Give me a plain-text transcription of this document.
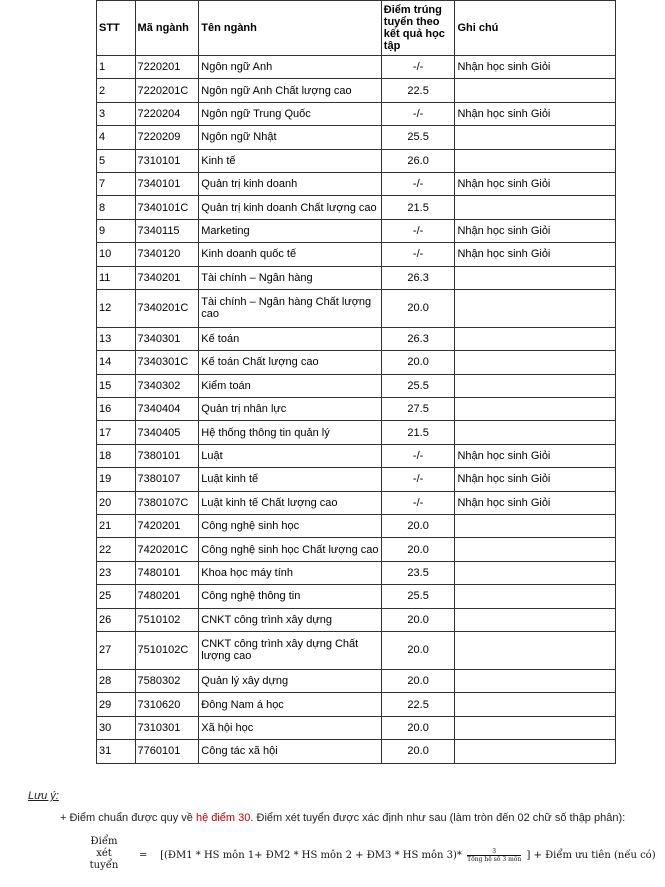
STT	Mã ngành	Tên ngành	Điểm trúng tuyển theo kết quả học tập	Ghi chú
1	7220201	Ngôn ngữ Anh	-/-	Nhận học sinh Giỏi
2	7220201C	Ngôn ngữ Anh Chất lượng cao	22.5	
3	7220204	Ngôn ngữ Trung Quốc	-/-	Nhận học sinh Giỏi
4	7220209	Ngôn ngữ Nhật	25.5	
5	7310101	Kinh tế	26.0	
7	7340101	Quản trị kinh doanh	-/-	Nhận học sinh Giỏi
8	7340101C	Quản trị kinh doanh Chất lượng cao	21.5	
9	7340115	Marketing	-/-	Nhận học sinh Giỏi
10	7340120	Kinh doanh quốc tế	-/-	Nhận học sinh Giỏi
11	7340201	Tài chính – Ngân hàng	26.3	
12	7340201C	Tài chính – Ngân hàng Chất lượng cao	20.0	
13	7340301	Kế toán	26.3	
14	7340301C	Kế toán Chất lượng cao	20.0	
15	7340302	Kiểm toán	25.5	
16	7340404	Quản trị nhân lực	27.5	
17	7340405	Hệ thống thông tin quản lý	21.5	
18	7380101	Luật	-/-	Nhận học sinh Giỏi
19	7380107	Luật kinh tế	-/-	Nhận học sinh Giỏi
20	7380107C	Luật kinh tế Chất lượng cao	-/-	Nhận học sinh Giỏi
21	7420201	Công nghệ sinh học	20.0	
22	7420201C	Công nghệ sinh học Chất lượng cao	20.0	
23	7480101	Khoa học máy tính	23.5	
25	7480201	Công nghệ thông tin	25.5	
26	7510102	CNKT công trình xây dựng	20.0	
27	7510102C	CNKT công trình xây dựng Chất lượng cao	20.0	
28	7580302	Quản lý xây dựng	20.0	
29	7310620	Đông Nam á học	22.5	
30	7310301	Xã hội học	20.0	
31	7760101	Công tác xã hội	20.0	
Lưu ý:
+ Điểm chuẩn được quy về hệ điểm 30. Điểm xét tuyển được xác định như sau (làm tròn đến 02 chữ số thập phân):
Điểm xét tuyển
= [(ĐM1 * HS môn 1+ ĐM2 * HS môn 2 + ĐM3 * HS môn $3)* \frac{3}{\text{Tổng hệ số 3 môn}}$ ] + Điểm ưu tiên (nếu có)
